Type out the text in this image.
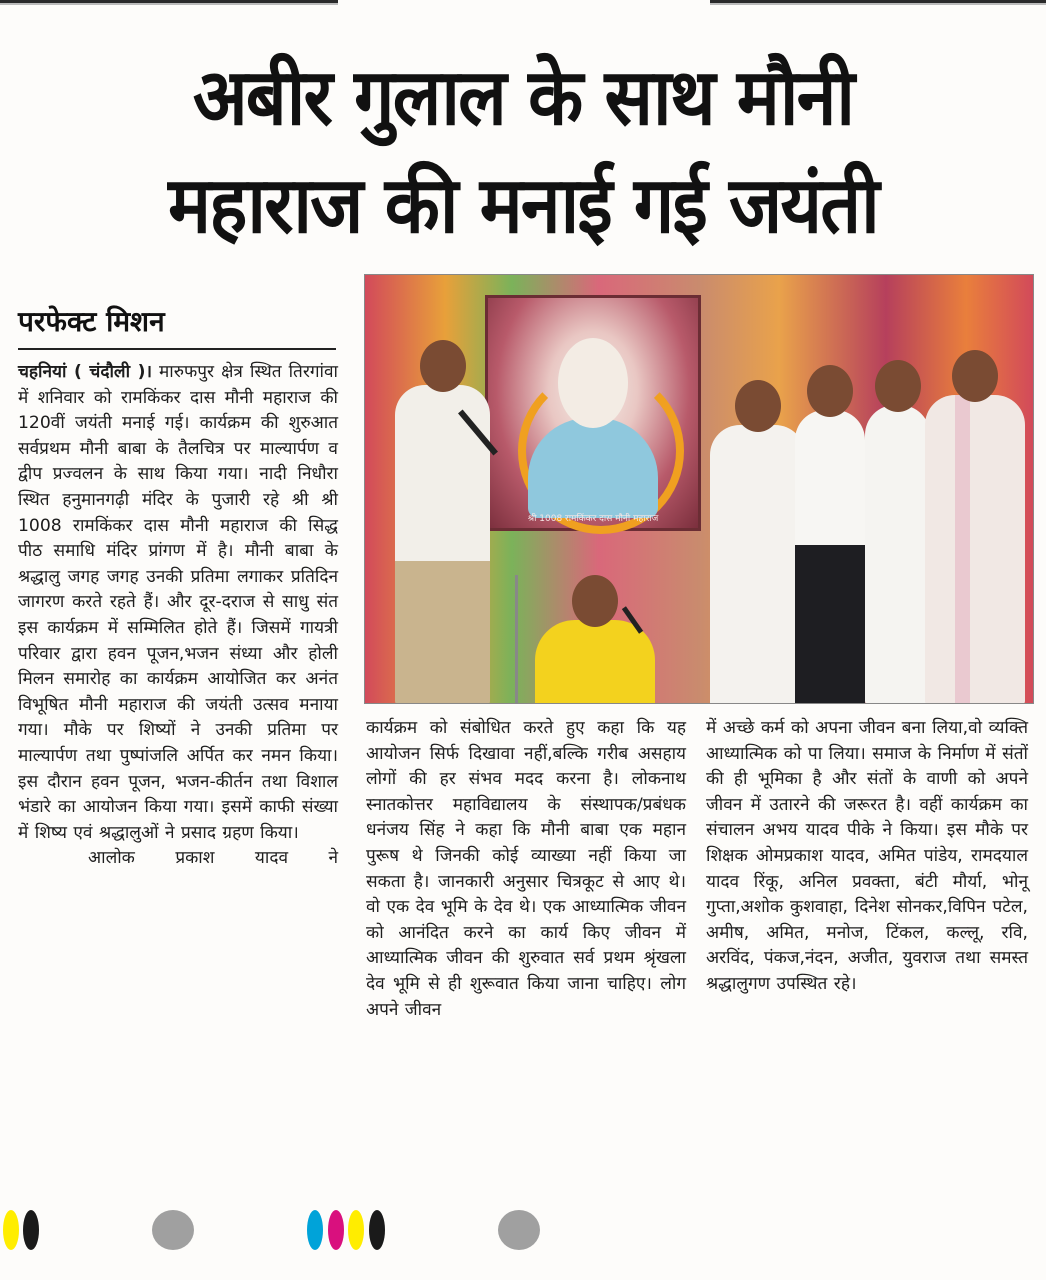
अबीर गुलाल के साथ मौनी
महाराज की मनाई गई जयंती
परफेक्ट मिशन
श्री 1008 रामकिंकर दास मौनी महाराज

चहनियां ( चंदौली )। मारुफपुर क्षेत्र स्थित तिरगांवा में शनिवार को रामकिंकर दास मौनी महाराज की 120वीं जयंती मनाई गई। कार्यक्रम की शुरुआत सर्वप्रथम मौनी बाबा के तैलचित्र पर माल्यार्पण व द्वीप प्रज्वलन के साथ किया गया। नादी निधौरा स्थित हनुमानगढ़ी मंदिर के पुजारी रहे श्री श्री 1008 रामकिंकर दास मौनी महाराज की सिद्ध पीठ समाधि मंदिर प्रांगण में है। मौनी बाबा के श्रद्धालु जगह जगह उनकी प्रतिमा लगाकर प्रतिदिन जागरण करते रहते हैं। और दूर-दराज से साधु संत इस कार्यक्रम में सम्मिलित होते हैं। जिसमें गायत्री परिवार द्वारा हवन पूजन,भजन संध्या और होली मिलन समारोह का कार्यक्रम आयोजित कर अनंत विभूषित मौनी महाराज की जयंती उत्सव मनाया गया। मौके पर शिष्यों ने उनकी प्रतिमा पर माल्यार्पण तथा पुष्पांजलि अर्पित कर नमन किया। इस दौरान हवन पूजन, भजन-कीर्तन तथा विशाल भंडारे का आयोजन किया गया। इसमें काफी संख्या में शिष्य एवं श्रद्धालुओं ने प्रसाद ग्रहण किया।

आलोक प्रकाश यादव ने

कार्यक्रम को संबोधित करते हुए कहा कि यह आयोजन सिर्फ दिखावा नहीं,बल्कि गरीब असहाय लोगों की हर संभव मदद करना है। लोकनाथ स्नातकोत्तर महाविद्यालय के संस्थापक/प्रबंधक धनंजय सिंह ने कहा कि मौनी बाबा एक महान पुरूष थे जिनकी कोई व्याख्या नहीं किया जा सकता है। जानकारी अनुसार चित्रकूट से आए थे। वो एक देव भूमि के देव थे। एक आध्यात्मिक जीवन को आनंदित करने का कार्य किए जीवन में आध्यात्मिक जीवन की शुरुवात सर्व प्रथम श्रृंखला देव भूमि से ही शुरूवात किया जाना चाहिए। लोग अपने जीवन

में अच्छे कर्म को अपना जीवन बना लिया,वो व्यक्ति आध्यात्मिक को पा लिया। समाज के निर्माण में संतों की ही भूमिका है और संतों के वाणी को अपने जीवन में उतारने की जरूरत है। वहीं कार्यक्रम का संचालन अभय यादव पीके ने किया। इस मौके पर शिक्षक ओमप्रकाश यादव, अमित पांडेय, रामदयाल यादव रिंकू, अनिल प्रवक्ता, बंटी मौर्या, भोनू गुप्ता,अशोक कुशवाहा, दिनेश सोनकर,विपिन पटेल, अमीष, अमित, मनोज, टिंकल, कल्लू, रवि, अरविंद, पंकज,नंदन, अजीत, युवराज तथा समस्त श्रद्धालुगण उपस्थित रहे।
